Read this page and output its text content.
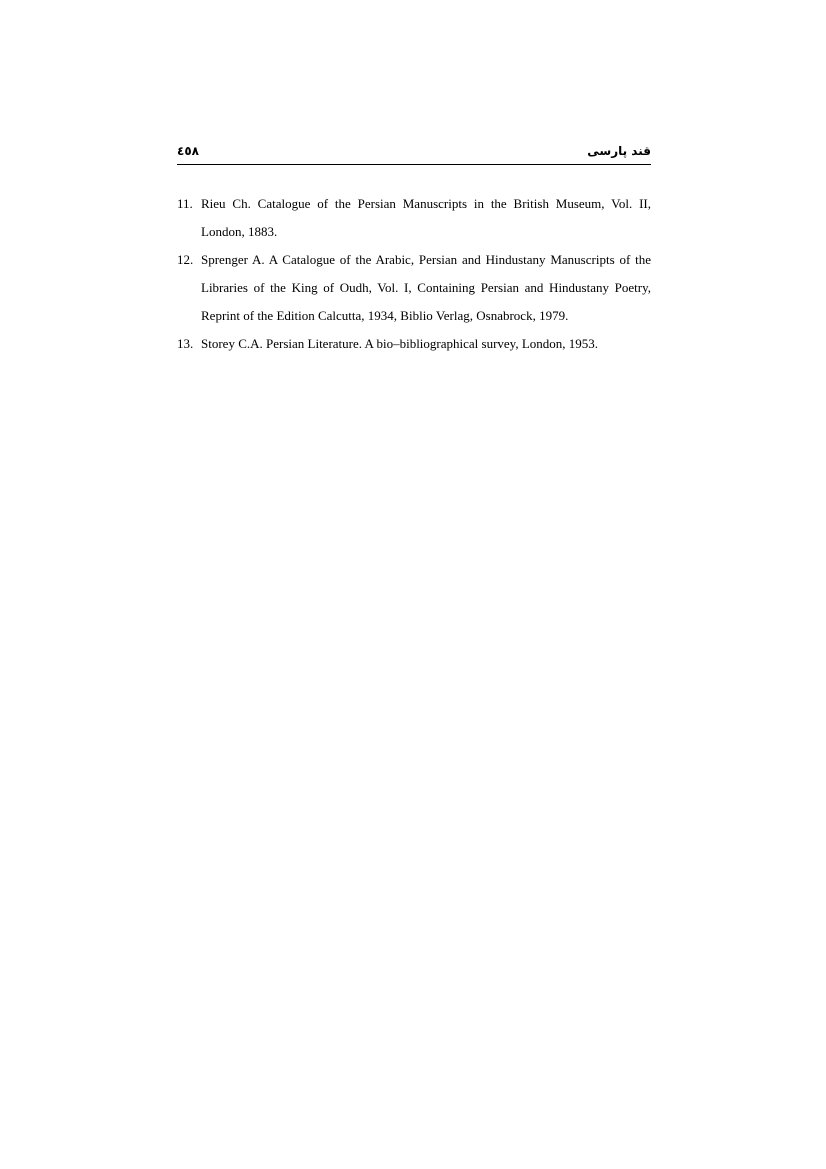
٤٥٨	قند پارسی
11. Rieu Ch. Catalogue of the Persian Manuscripts in the British Museum, Vol. II, London, 1883.
12. Sprenger A. A Catalogue of the Arabic, Persian and Hindustany Manuscripts of the Libraries of the King of Oudh, Vol. I, Containing Persian and Hindustany Poetry, Reprint of the Edition Calcutta, 1934, Biblio Verlag, Osnabrock, 1979.
13. Storey C.A. Persian Literature. A bio–bibliographical survey, London, 1953.
